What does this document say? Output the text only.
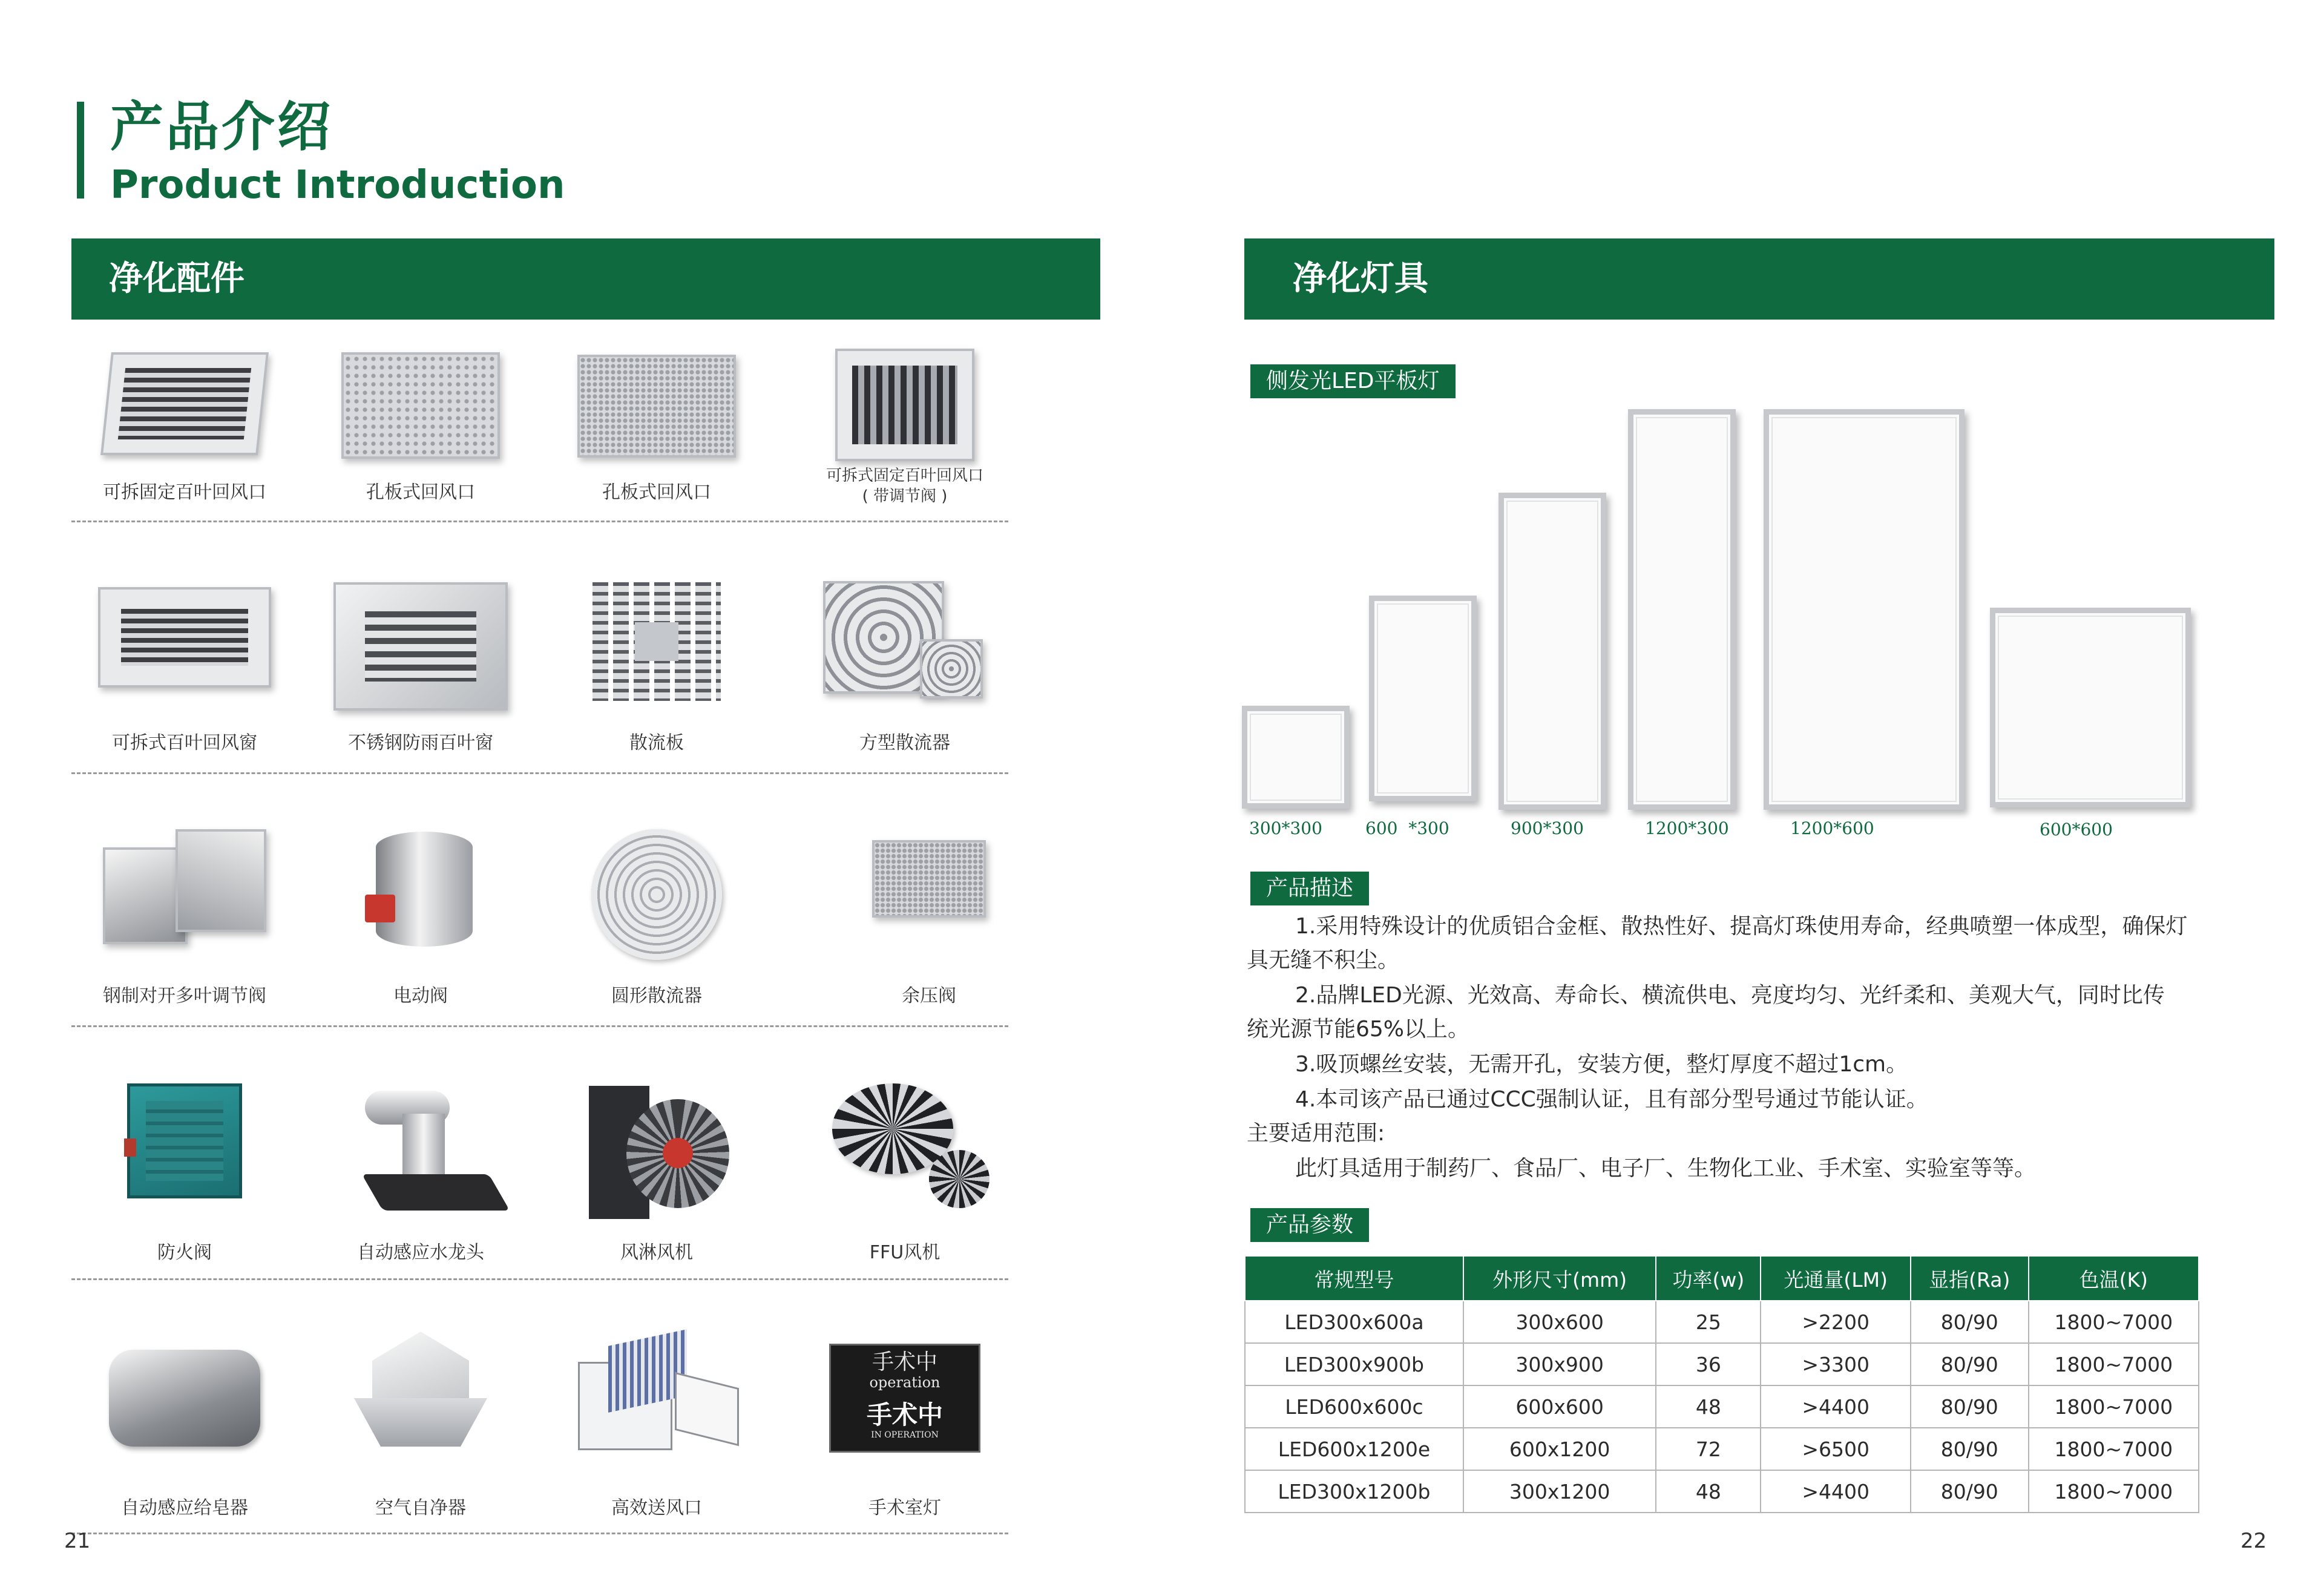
产品介绍
Product Introduction
净化配件	净化灯具
可拆固定百叶回风口	孔板式回风口	孔板式回风口
可拆式固定百叶回风口
( 带调节阀 )
可拆式百叶回风窗	不锈钢防雨百叶窗	散流板	方型散流器
钢制对开多叶调节阀	电动阀	圆形散流器	余压阀
防火阀	自动感应水龙头	风淋风机	FFU风机
自动感应给皂器	空气自净器	高效送风口
手术中
operation
手术中
IN OPERATION
手术室灯
侧发光LED平板灯
300*300	600  *300	900*300	1200*300	1200*600	600*600
产品描述
1.采用特殊设计的优质铝合金框、散热性好、提高灯珠使用寿命，经典喷塑一体成型，确保灯
具无缝不积尘。
2.品牌LED光源、光效高、寿命长、横流供电、亮度均匀、光纤柔和、美观大气，同时比传
统光源节能65%以上。
3.吸顶螺丝安装，无需开孔，安装方便，整灯厚度不超过1cm。
4.本司该产品已通过CCC强制认证，且有部分型号通过节能认证。
主要适用范围:
此灯具适用于制药厂、食品厂、电子厂、生物化工业、手术室、实验室等等。
产品参数
常规型号	外形尺寸(mm)	功率(w)	光通量(LM)	显指(Ra)	色温(K)
LED300x600a	300x600	25	>2200	80/90	1800~7000
LED300x900b	300x900	36	>3300	80/90	1800~7000
LED600x600c	600x600	48	>4400	80/90	1800~7000
LED600x1200e	600x1200	72	>6500	80/90	1800~7000
LED300x1200b	300x1200	48	>4400	80/90	1800~7000
21	22
